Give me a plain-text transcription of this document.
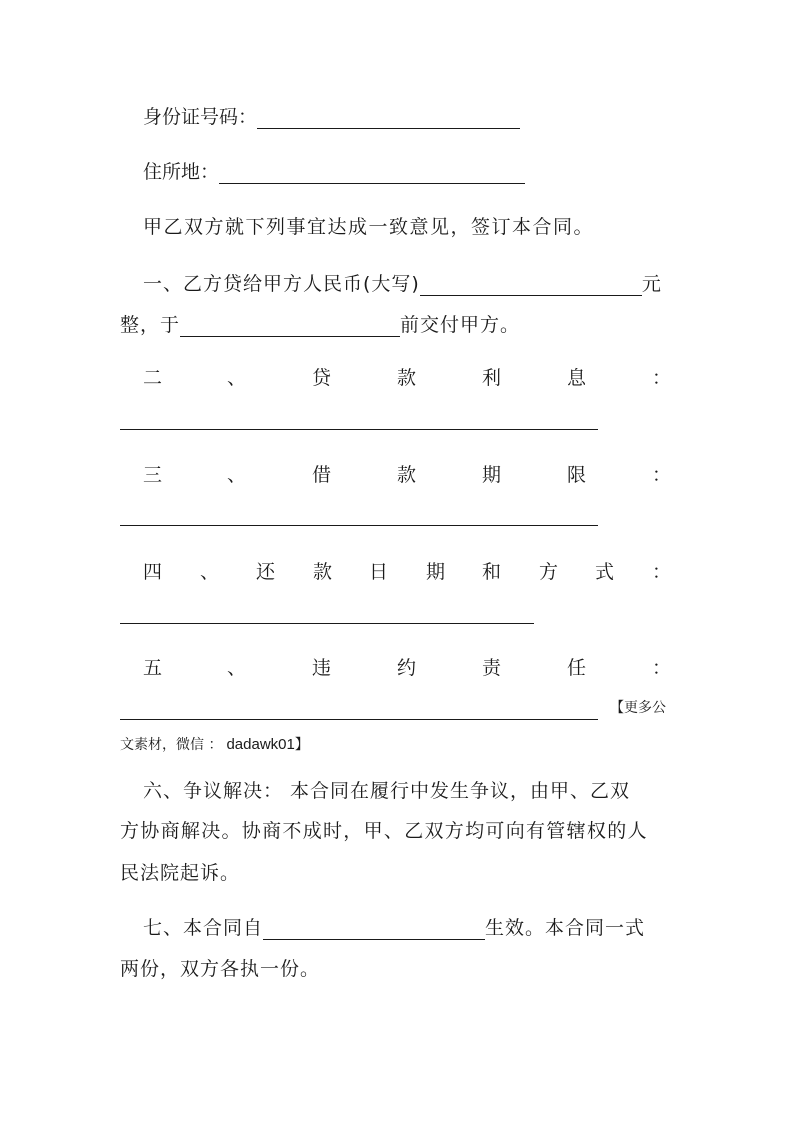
身份证号码：
住所地：
甲乙双方就下列事宜达成一致意见，签订本合同。
一、乙方贷给甲方人民币(大写)	元
整，于	前交付甲方。
二	、	贷	款	利	息	：
三	、	借	款	期	限	：
四 、 还 款 日 期 和 方 式 ：
五	、	违	约	责	任	：
【更多公
文素材，微信 ： dadawk01】
六、争议解决： 本合同在履行中发生争议，由甲、乙双
方协商解决。协商不成时，甲、乙双方均可向有管辖权的人
民法院起诉。
七、本合同自	生效。本合同一式
两份，双方各执一份。
